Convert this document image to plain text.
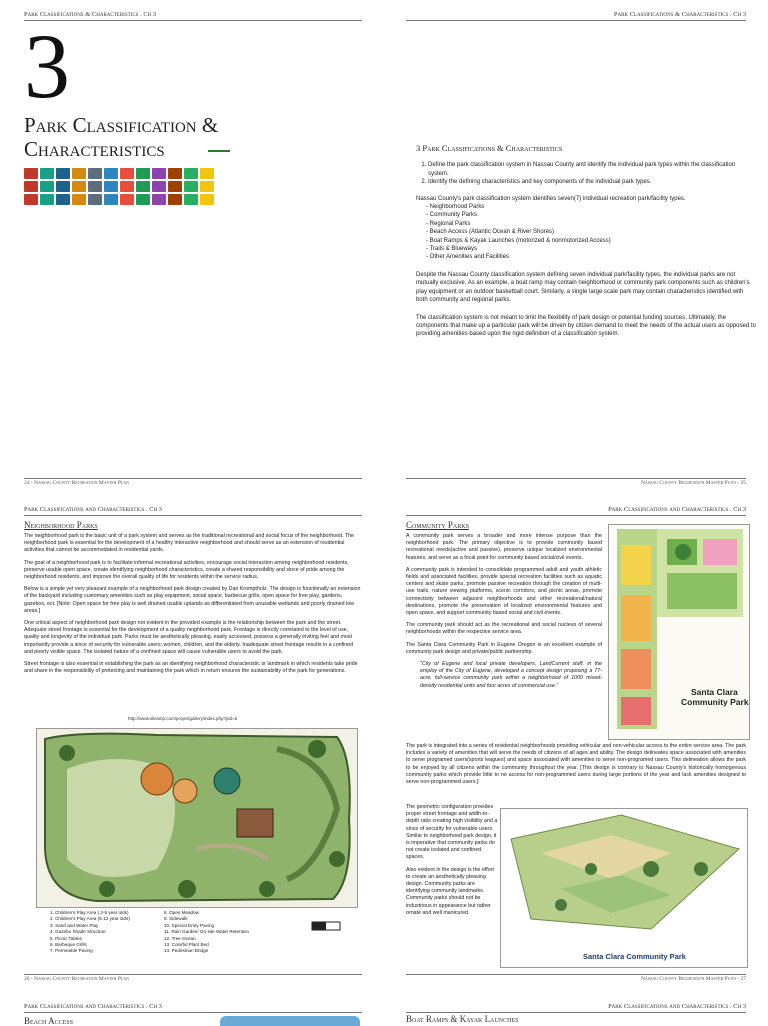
Park Classifications & Characteristics . Ch 3	Park Classifications & Characteristics . Ch 3
3
Park Classification &
Characteristics	3 Park Classifications & Characteristics
1. Define the park classification system in Nassau County and identify the individual park types within the classification system.
2. Identify the defining characteristics and key components of the individual park types.
Nassau County's park classification system identifies seven(7) individual recreation park/facility types.
- Neighborhood Parks
- Community Parks
- Regional Parks
- Beach Access (Atlantic Ocean & River Shores)
- Boat Ramps & Kayak Launches (motorized & nonmotorized Access)
- Trails & Blueways
- Other Amenities and Facilities

Despite the Nassau County classification system defining seven individual park/facility types, the individual parks are not mutually exclusive. As an example, a boat ramp may contain neighborhood or community park components such as children's play equipment or an outdoor basketball court. Similarly, a single large scale park may contain characteristics identified with both community and regional parks.

The classification system is not meant to limit the flexibility of park design or potential funding sources. Ultimately, the components that make up a particular park will be driven by citizen demand to meet the needs of the actual users as opposed to providing amenities based upon the rigid definition of a classification system.

24 - Nassau County Recreation Master Plan	Nassau County Recreation Master Plan - 25
Park Classifications and Characteristics . Ch 3	Park Classifications and Characteristics . Ch 3
Neighborhood Parks

The neighborhood park is the basic unit of a park system and serves as the traditional recreational and social focus of the neighborhood. The neighborhood park is essential for the development of a healthy interactive neighborhood and should serve as an extension of residential activities that cannot be accommodated in residential yards.

The goal of a neighborhood park is to facilitate informal recreational activities, encourage social interaction among neighborhood residents, preserve usable open space, create identifying neighborhood characteristics, create a shared responsibility and since of pride among the neighborhood residents, and improve the overall quality of life for residents within the service radius.

Below is a simple yet very pleasant example of a neighborhood park design created by Dan Kromptholz. The design is functionally an extension of the backyard including customary amenities such as play equipment, social space, barbecue grills, open space for free play, gardens, gazebos, ect. [Note: Open space for free play is well drained usable uplands as differentiated from unusable wetlands and poorly drained low areas.]

One critical aspect of neighborhood park design not evident in the provided example is the relationship between the park and the street. Adequate street frontage is essential for the development of a quality neighborhood park. Frontage is directly correlated to the level of use, quality and longevity of the individual park. Parks must be aesthetically pleasing, easily accessed, possess a generally inviting feel and most importantly provide a since of security for vulnerable users; women, children, and the elderly. Inadequate street frontage results in a confined and poorly visible space. The isolated nature of a confined space will cause vulnerable users to avoid the park.

Street frontage is also essential in establishing the park as an identifying neighborhood characteristic or landmark in which residents take pride and share in the responsibility of protecting and maintaining the park which in return ensures the sustainability of the park for generations.

http://www.dkramp.com/projectgallery/index.php?pid=6
1. Children's Play Area ( 2-5 year olds)
2. Children's Play Area (5-12 year olds)
3. Sand and Water Play
4. Gazebo Shade Structure
5. Picnic Tables
6. Barbeque Grills
7. Permeable Paving
8. Open Meadow
9. Sidewalk
10. Special Entry Paving
11. Rain Garden/ On-site Water Retention
12. Tree Ocean
13. Colorful Plant Bed
14. Pedestrian Bridge
Community Parks

A community park serves a broader and more intense purpose than the neighborhood park. The primary objective is to provide community based recreational needs(active and passive), preserve unique localized environmental features, and serve as a focal point for community based social/civil events.

A community park is intended to consolidate programmed adult and youth athletic fields and associated facilities, provide special recreation facilities such as aquatic centers and skate parks, promote passive recreation through the creation of multi-use trails, nature viewing platforms, scenic corridors, and picnic areas, promote connectivity between adjacent neighborhoods and other recreational/natural destinations, promote the preservation of localized environmental features and open space, and support community based social and civil events.

The community park should act as the recreational and social nucleus of several neighborhoods within the respective service area.

The Santa Clara Community Park in Eugene Oregon is an excellent example of community park design and private/public partnership.

"City of Eugene and local private developers, LandCurrent staff, in the employ of the City of Eugene, developed a concept design proposing a 77-acre, full-service community park within a neighborhood of 1000 mixed-density residential units and four acres of commercial use."

Santa Clara
Community Park

The park is integrated into a series of residential neighborhoods providing vehicular and non-vehicular access to the entire service area. The park includes a variety of amenities that will serve the needs of citizens of all ages and ability. The design delineates space associated with amenities to serve programed users(sports leagues) and space associated with amenities to serve non-programed users. This delineation allows the park to be enjoyed by all citizens within the community throughout the year. [This design is contrary to Nassau County's historically homogenous community parks which provide little to no access for non-programmed users during large portions of the year and lack amenities designed to serve non-programmed users.]

The geometric configuration provides proper street frontage and width-to-depth ratio creating high visibility and a since of security for vulnerable users. Similar to neighborhood park design, it is imperative that community parks do not create isolated and confined spaces.

Also evident in the design is the effort to create an aesthetically pleasing design. Community parks are identifying community landmarks. Community parks should not be industrious in appearance but rather ornate and well manicured.

Santa Clara Community Park
26 - Nassau County Recreation Master Plan	Nassau County Recreation Master Plan - 27
Park Classifications and Characteristics . Ch 3	Park Classifications and Characteristics . Ch 3
Beach Access	Boat Ramps & Kayak Launches
